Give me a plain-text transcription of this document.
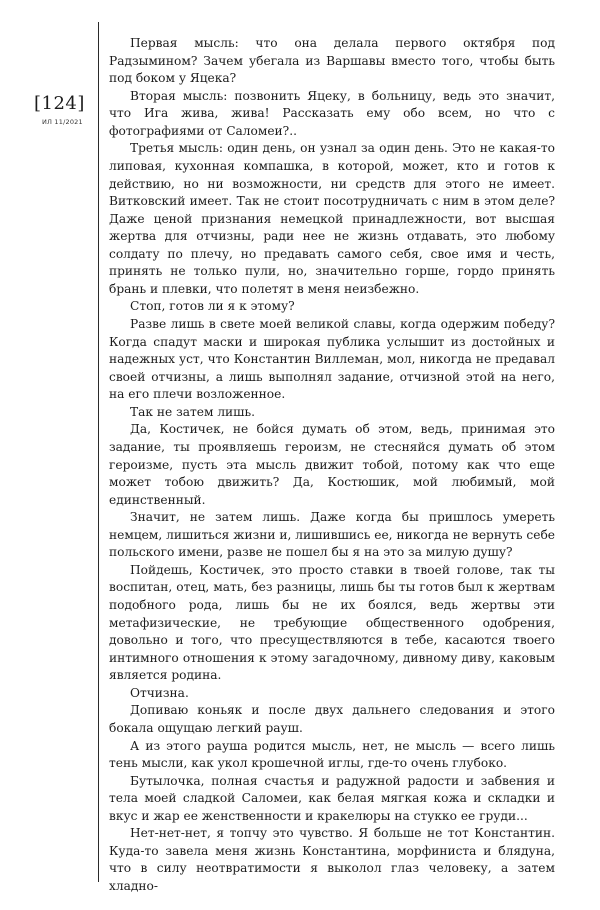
[124]
ИЛ 11/2021

Первая мысль: что она делала первого октября под Радзымином? Зачем убегала из Варшавы вместо того, чтобы быть под боком у Яцека?

Вторая мысль: позвонить Яцеку, в больницу, ведь это значит, что Ига жива, жива! Рассказать ему обо всем, но что с фотографиями от Саломеи?..

Третья мысль: один день, он узнал за один день. Это не какая-то липовая, кухонная компашка, в которой, может, кто и готов к действию, но ни возможности, ни средств для этого не имеет. Витковский имеет. Так не стоит посотрудничать с ним в этом деле? Даже ценой признания немецкой принадлежности, вот высшая жертва для отчизны, ради нее не жизнь отдавать, это любому солдату по плечу, но предавать самого себя, свое имя и честь, принять не только пули, но, значительно горше, гордо принять брань и плевки, что полетят в меня неизбежно.

Стоп, готов ли я к этому?

Разве лишь в свете моей великой славы, когда одержим победу? Когда спадут маски и широкая публика услышит из достойных и надежных уст, что Константин Виллеман, мол, никогда не предавал своей отчизны, а лишь выполнял задание, отчизной этой на него, на его плечи возложенное.

Так не затем лишь.

Да, Костичек, не бойся думать об этом, ведь, принимая это задание, ты проявляешь героизм, не стесняйся думать об этом героизме, пусть эта мысль движит тобой, потому как что еще может тобою движить? Да, Костюшик, мой любимый, мой единственный.

Значит, не затем лишь. Даже когда бы пришлось умереть немцем, лишиться жизни и, лишившись ее, никогда не вернуть себе польского имени, разве не пошел бы я на это за милую душу?

Пойдешь, Костичек, это просто ставки в твоей голове, так ты воспитан, отец, мать, без разницы, лишь бы ты готов был к жертвам подобного рода, лишь бы не их боялся, ведь жертвы эти метафизические, не требующие общественного одобрения, довольно и того, что пресуществляются в тебе, касаются твоего интимного отношения к этому загадочному, дивному диву, каковым является родина.

Отчизна.

Допиваю коньяк и после двух дальнего следования и этого бокала ощущаю легкий рауш.

А из этого рауша родится мысль, нет, не мысль — всего лишь тень мысли, как укол крошечной иглы, где-то очень глубоко.

Бутылочка, полная счастья и радужной радости и забвения и тела моей сладкой Саломеи, как белая мягкая кожа и складки и вкус и жар ее женственности и кракелюры на стукко ее груди...

Нет-нет-нет, я топчу это чувство. Я больше не тот Константин. Куда-то завела меня жизнь Константина, морфиниста и блядуна, что в силу неотвратимости я выколол глаз человеку, а затем хладно-
